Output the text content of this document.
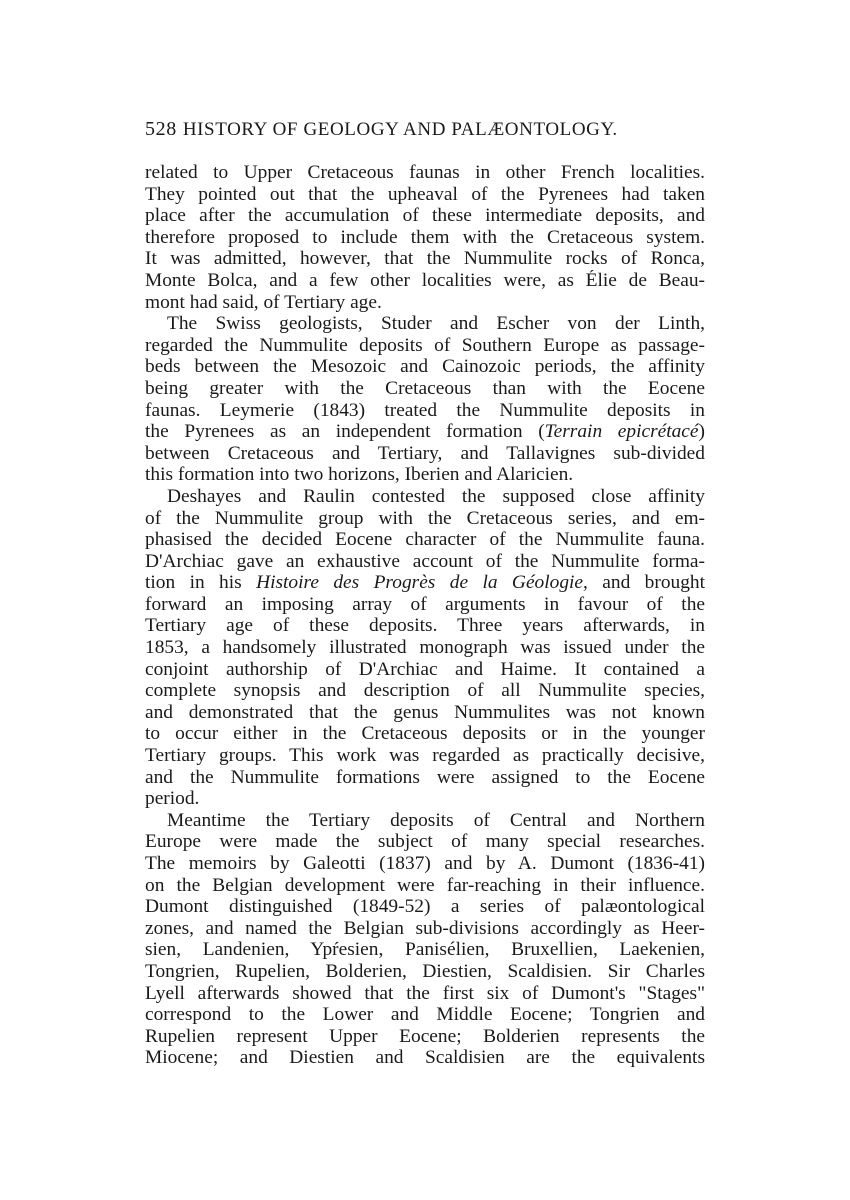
528 HISTORY OF GEOLOGY AND PALÆONTOLOGY.
related to Upper Cretaceous faunas in other French localities.
They pointed out that the upheaval of the Pyrenees had taken
place after the accumulation of these intermediate deposits, and
therefore proposed to include them with the Cretaceous system.
It was admitted, however, that the Nummulite rocks of Ronca,
Monte Bolca, and a few other localities were, as Élie de Beau-
mont had said, of Tertiary age.
The Swiss geologists, Studer and Escher von der Linth,
regarded the Nummulite deposits of Southern Europe as passage-
beds between the Mesozoic and Cainozoic periods, the affinity
being greater with the Cretaceous than with the Eocene
faunas. Leymerie (1843) treated the Nummulite deposits in
the Pyrenees as an independent formation (Terrain epicrétacé)
between Cretaceous and Tertiary, and Tallavignes sub-divided
this formation into two horizons, Iberien and Alaricien.
Deshayes and Raulin contested the supposed close affinity
of the Nummulite group with the Cretaceous series, and em-
phasised the decided Eocene character of the Nummulite fauna.
D'Archiac gave an exhaustive account of the Nummulite forma-
tion in his Histoire des Progrès de la Géologie, and brought
forward an imposing array of arguments in favour of the
Tertiary age of these deposits. Three years afterwards, in
1853, a handsomely illustrated monograph was issued under the
conjoint authorship of D'Archiac and Haime. It contained a
complete synopsis and description of all Nummulite species,
and demonstrated that the genus Nummulites was not known
to occur either in the Cretaceous deposits or in the younger
Tertiary groups. This work was regarded as practically decisive,
and the Nummulite formations were assigned to the Eocene
period.
Meantime the Tertiary deposits of Central and Northern
Europe were made the subject of many special researches.
The memoirs by Galeotti (1837) and by A. Dumont (1836-41)
on the Belgian development were far-reaching in their influence.
Dumont distinguished (1849-52) a series of palæontological
zones, and named the Belgian sub-divisions accordingly as Heer-
sien, Landenien, Ypŕesien, Panisélien, Bruxellien, Laekenien,
Tongrien, Rupelien, Bolderien, Diestien, Scaldisien. Sir Charles
Lyell afterwards showed that the first six of Dumont's "Stages"
correspond to the Lower and Middle Eocene; Tongrien and
Rupelien represent Upper Eocene; Bolderien represents the
Miocene; and Diestien and Scaldisien are the equivalents
